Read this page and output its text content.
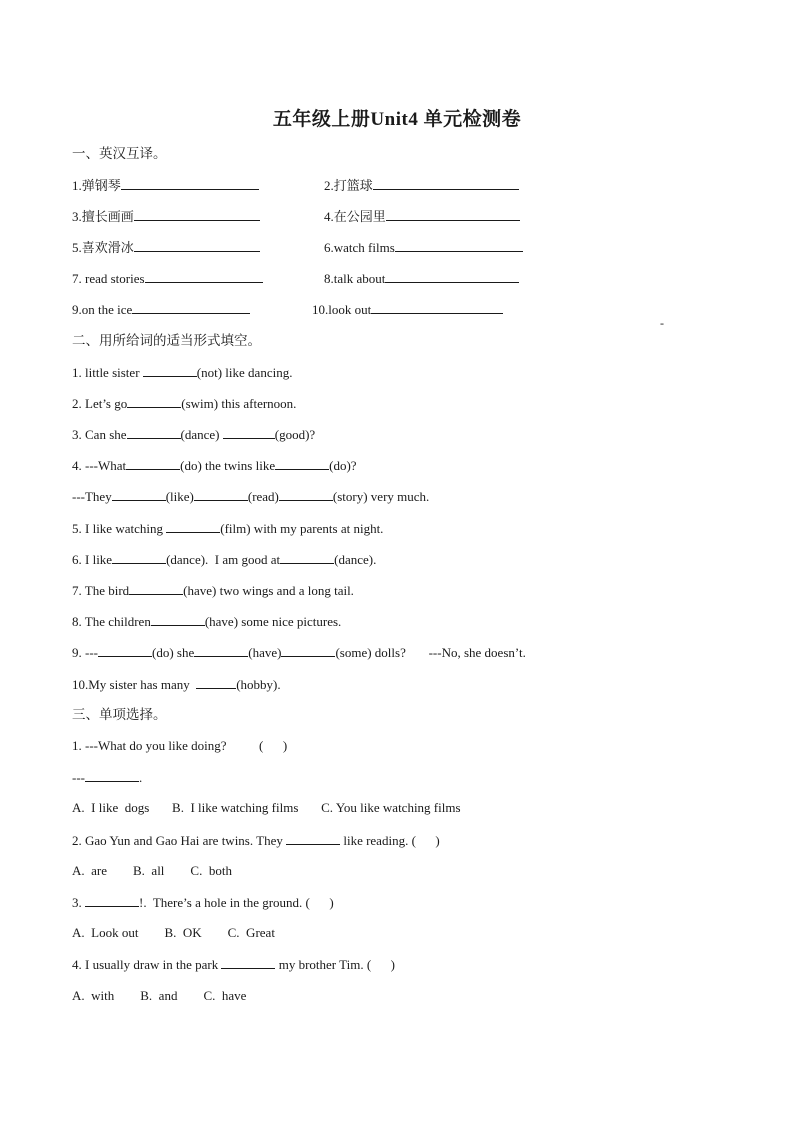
五年级上册Unit4 单元检测卷
一、英汉互译。
1.弹钢琴	2.打篮球
3.擅长画画	4.在公园里
5.喜欢滑冰	6.watch films
7. read stories	8.talk about
9.on the ice	10.look out
-
二、用所给词的适当形式填空。
1. little sister	(not) like dancing.
2. Let’s go	(swim) this afternoon.
3. Can she	(dance)	(good)?
4. ---What	(do) the twins like	(do)?
---They	(like)	(read)	(story) very much.
5. I like watching	(film) with my parents at night.
6. I like	(dance).  I am good at	(dance).
7. The bird	(have) two wings and a long tail.
8. The children	(have) some nice pictures.
9. ---	(do) she	(have)	(some) dolls?       ---No, she doesn’t.
10.My sister has many	(hobby).
三、单项选择。
1. ---What do you like doing?          (      )
---	.
A.  I like  dogs       B.  I like watching films       C. You like watching films
2. Gao Yun and Gao Hai are twins. They	like reading. (      )
A.  are        B.  all        C.  both
3.	!.  There’s a hole in the ground. (      )
A.  Look out        B.  OK        C.  Great
4. I usually draw in the park	my brother Tim. (      )
A.  with        B.  and        C.  have
